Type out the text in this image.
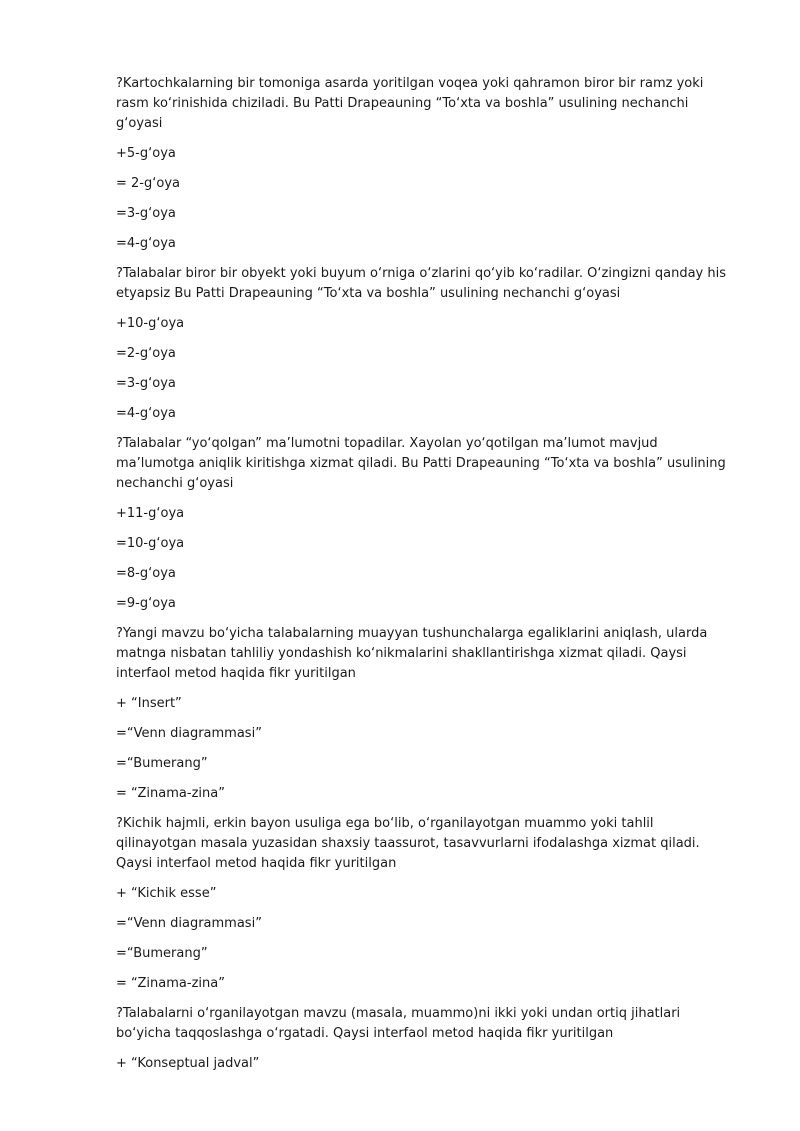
?Kartochkalarning bir tomoniga asarda yoritilgan voqea yoki qahramon biror bir ramz yoki rasm ko‘rinishida chiziladi. Bu Patti Drapeauning “To‘xta va boshla” usulining nechanchi g‘oyasi

+5-g‘oya

= 2-g‘oya

=3-g‘oya

=4-g‘oya

?Talabalar biror bir obyekt yoki buyum o‘rniga o‘zlarini qo‘yib ko‘radilar. O‘zingizni qanday his etyapsiz Bu Patti Drapeauning “To‘xta va boshla” usulining nechanchi g‘oyasi

+10-g‘oya

=2-g‘oya

=3-g‘oya

=4-g‘oya

?Talabalar “yo‘qolgan” ma’lumotni topadilar. Xayolan yo‘qotilgan ma’lumot mavjud ma’lumotga aniqlik kiritishga xizmat qiladi. Bu Patti Drapeauning “To‘xta va boshla” usulining nechanchi g‘oyasi

+11-g‘oya

=10-g‘oya

=8-g‘oya

=9-g‘oya

?Yangi mavzu bo‘yicha talabalarning muayyan tushunchalarga egaliklarini aniqlash, ularda matnga nisbatan tahliliy yondashish ko‘nikmalarini shakllantirishga xizmat qiladi. Qaysi interfaol metod haqida fikr yuritilgan

+ “Insert”

=“Venn diagrammasi”

=“Bumerang”

= “Zinama-zina”

?Kichik hajmli, erkin bayon usuliga ega bo‘lib, o‘rganilayotgan muammo yoki tahlil qilinayotgan masala yuzasidan shaxsiy taassurot, tasavvurlarni ifodalashga xizmat qiladi. Qaysi interfaol metod haqida fikr yuritilgan

+ “Kichik esse”

=“Venn diagrammasi”

=“Bumerang”

= “Zinama-zina”

?Talabalarni o‘rganilayotgan mavzu (masala, muammo)ni ikki yoki undan ortiq jihatlari bo‘yicha taqqoslashga o‘rgatadi. Qaysi interfaol metod haqida fikr yuritilgan

+ “Konseptual jadval”
